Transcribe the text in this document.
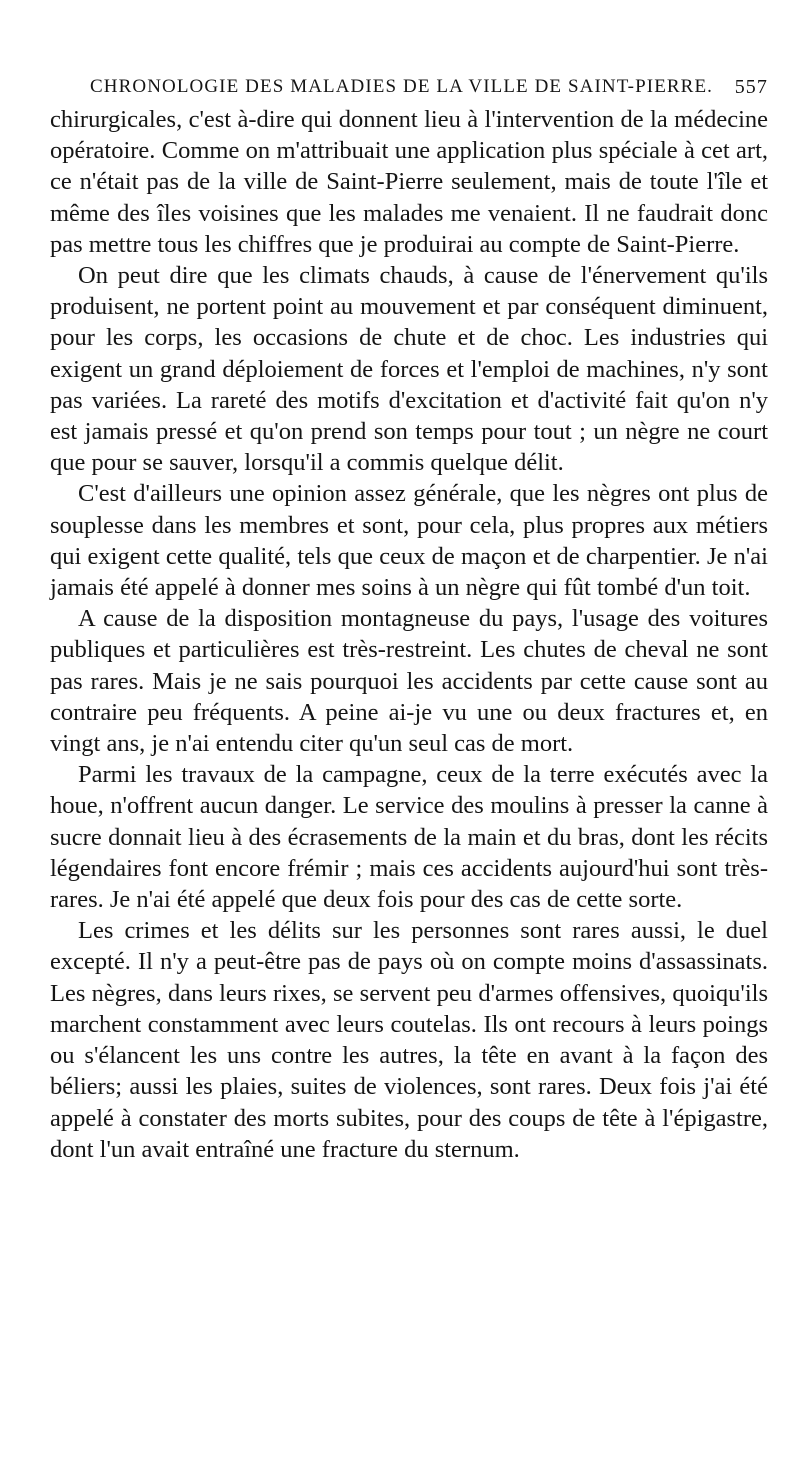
CHRONOLOGIE DES MALADIES DE LA VILLE DE SAINT-PIERRE. 557

chirurgicales, c'est à-dire qui donnent lieu à l'intervention de la médecine opératoire. Comme on m'attribuait une application plus spéciale à cet art, ce n'était pas de la ville de Saint-Pierre seulement, mais de toute l'île et même des îles voisines que les malades me venaient. Il ne faudrait donc pas mettre tous les chiffres que je produirai au compte de Saint-Pierre.

On peut dire que les climats chauds, à cause de l'énervement qu'ils produisent, ne portent point au mouvement et par conséquent diminuent, pour les corps, les occasions de chute et de choc. Les industries qui exigent un grand déploiement de forces et l'emploi de machines, n'y sont pas variées. La rareté des motifs d'excitation et d'activité fait qu'on n'y est jamais pressé et qu'on prend son temps pour tout ; un nègre ne court que pour se sauver, lorsqu'il a commis quelque délit.

C'est d'ailleurs une opinion assez générale, que les nègres ont plus de souplesse dans les membres et sont, pour cela, plus propres aux métiers qui exigent cette qualité, tels que ceux de maçon et de charpentier. Je n'ai jamais été appelé à donner mes soins à un nègre qui fût tombé d'un toit.

A cause de la disposition montagneuse du pays, l'usage des voitures publiques et particulières est très-restreint. Les chutes de cheval ne sont pas rares. Mais je ne sais pourquoi les accidents par cette cause sont au contraire peu fréquents. A peine ai-je vu une ou deux fractures et, en vingt ans, je n'ai entendu citer qu'un seul cas de mort.

Parmi les travaux de la campagne, ceux de la terre exécutés avec la houe, n'offrent aucun danger. Le service des moulins à presser la canne à sucre donnait lieu à des écrasements de la main et du bras, dont les récits légendaires font encore frémir ; mais ces accidents aujourd'hui sont très-rares. Je n'ai été appelé que deux fois pour des cas de cette sorte.

Les crimes et les délits sur les personnes sont rares aussi, le duel excepté. Il n'y a peut-être pas de pays où on compte moins d'assassinats. Les nègres, dans leurs rixes, se servent peu d'armes offensives, quoiqu'ils marchent constamment avec leurs coutelas. Ils ont recours à leurs poings ou s'élancent les uns contre les autres, la tête en avant à la façon des béliers; aussi les plaies, suites de violences, sont rares. Deux fois j'ai été appelé à constater des morts subites, pour des coups de tête à l'épigastre, dont l'un avait entraîné une fracture du sternum.
